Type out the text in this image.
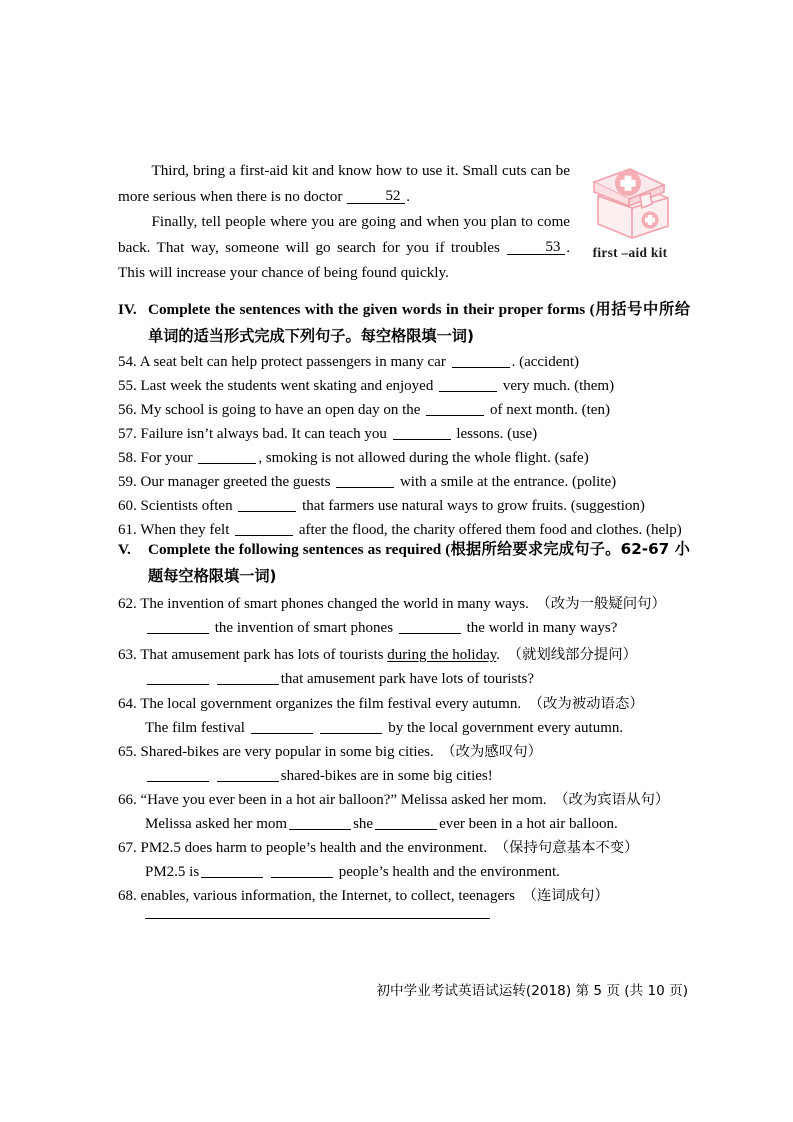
Third, bring a first-aid kit and know how to use it. Small cuts can be more serious when there is no doctor	52 .

Finally, tell people where you are going and when you plan to come back. That way, someone will go search for you if troubles	53 . This will increase your chance of being found quickly.

first –aid kit
IV. Complete the sentences with the given words in their proper forms (用括号中所给单词的适当形式完成下列句子。每空格限填一词)
54. A seat belt can help protect passengers in many car	. (accident)
55. Last week the students went skating and enjoyed	very much. (them)
56. My school is going to have an open day on the	of next month. (ten)
57. Failure isn’t always bad. It can teach you	lessons. (use)
58. For your	, smoking is not allowed during the whole flight. (safe)
59. Our manager greeted the guests	with a smile at the entrance. (polite)
60. Scientists often	that farmers use natural ways to grow fruits. (suggestion)
61. When they felt	after the flood, the charity offered them food and clothes. (help)
V.	Complete the following sentences as required (根据所给要求完成句子。62-67 小题每空格限填一词)
62. The invention of smart phones changed the world in many ways. （改为一般疑问句）
the invention of smart phones	the world in many ways?
63. That amusement park has lots of tourists during the holiday. （就划线部分提问）
that amusement park have lots of tourists?
64. The local government organizes the film festival every autumn. （改为被动语态）
The film festival	by the local government every autumn.
65. Shared-bikes are very popular in some big cities. （改为感叹句）
shared-bikes are in some big cities!
66. “Have you ever been in a hot air balloon?” Melissa asked her mom. （改为宾语从句）
Melissa asked her mom	she	ever been in a hot air balloon.
67. PM2.5 does harm to people’s health and the environment. （保持句意基本不变）
PM2.5 is	people’s health and the environment.
68. enables, various information, the Internet, to collect, teenagers （连词成句）
初中学业考试英语试运转(2018) 第 5 页 (共 10 页)
